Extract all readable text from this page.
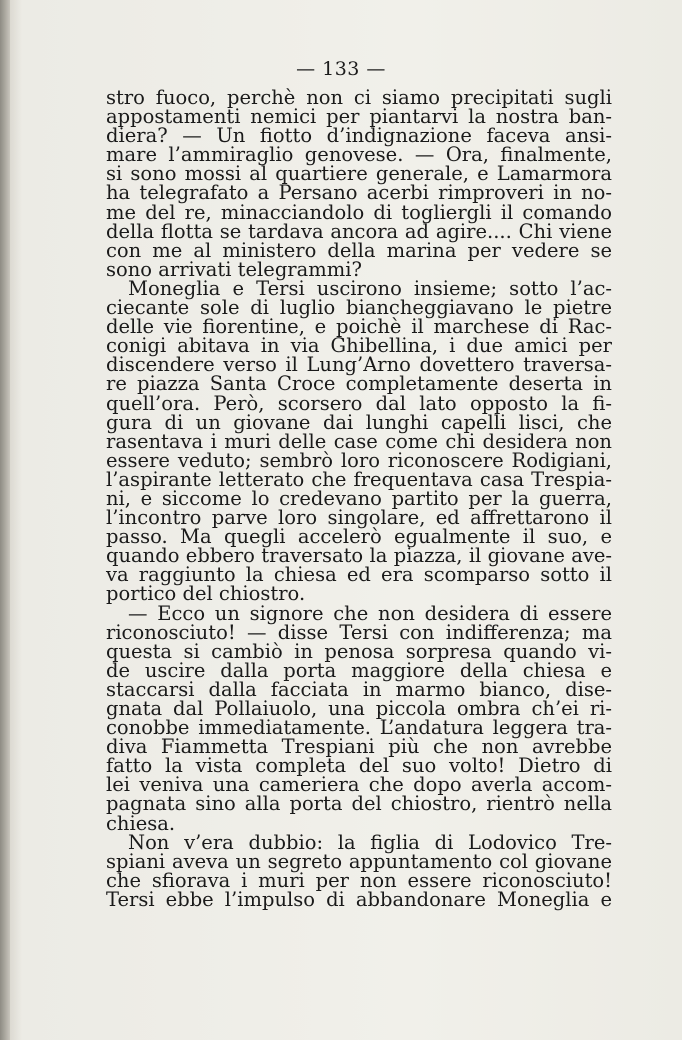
— 133 —
stro fuoco, perchè non ci siamo precipitati sugli
appostamenti nemici per piantarvi la nostra ban-
diera? — Un fiotto d’indignazione faceva ansi-
mare l’ammiraglio genovese. — Ora, finalmente,
si sono mossi al quartiere generale, e Lamarmora
ha telegrafato a Persano acerbi rimproveri in no-
me del re, minacciandolo di togliergli il comando
della flotta se tardava ancora ad agire.... Chi viene
con me al ministero della marina per vedere se
sono arrivati telegrammi?
Moneglia e Tersi uscirono insieme; sotto l’ac-
ciecante sole di luglio biancheggiavano le pietre
delle vie fiorentine, e poichè il marchese di Rac-
conigi abitava in via Ghibellina, i due amici per
discendere verso il Lung’Arno dovettero traversa-
re piazza Santa Croce completamente deserta in
quell’ora. Però, scorsero dal lato opposto la fi-
gura di un giovane dai lunghi capelli lisci, che
rasentava i muri delle case come chi desidera non
essere veduto; sembrò loro riconoscere Rodigiani,
l’aspirante letterato che frequentava casa Trespia-
ni, e siccome lo credevano partito per la guerra,
l’incontro parve loro singolare, ed affrettarono il
passo. Ma quegli accelerò egualmente il suo, e
quando ebbero traversato la piazza, il giovane ave-
va raggiunto la chiesa ed era scomparso sotto il
portico del chiostro.
— Ecco un signore che non desidera di essere
riconosciuto! — disse Tersi con indifferenza; ma
questa si cambiò in penosa sorpresa quando vi-
de uscire dalla porta maggiore della chiesa e
staccarsi dalla facciata in marmo bianco, dise-
gnata dal Pollaiuolo, una piccola ombra ch’ei ri-
conobbe immediatamente. L’andatura leggera tra-
diva Fiammetta Trespiani più che non avrebbe
fatto la vista completa del suo volto! Dietro di
lei veniva una cameriera che dopo averla accom-
pagnata sino alla porta del chiostro, rientrò nella
chiesa.
Non v’era dubbio: la figlia di Lodovico Tre-
spiani aveva un segreto appuntamento col giovane
che sfiorava i muri per non essere riconosciuto!
Tersi ebbe l’impulso di abbandonare Moneglia e
